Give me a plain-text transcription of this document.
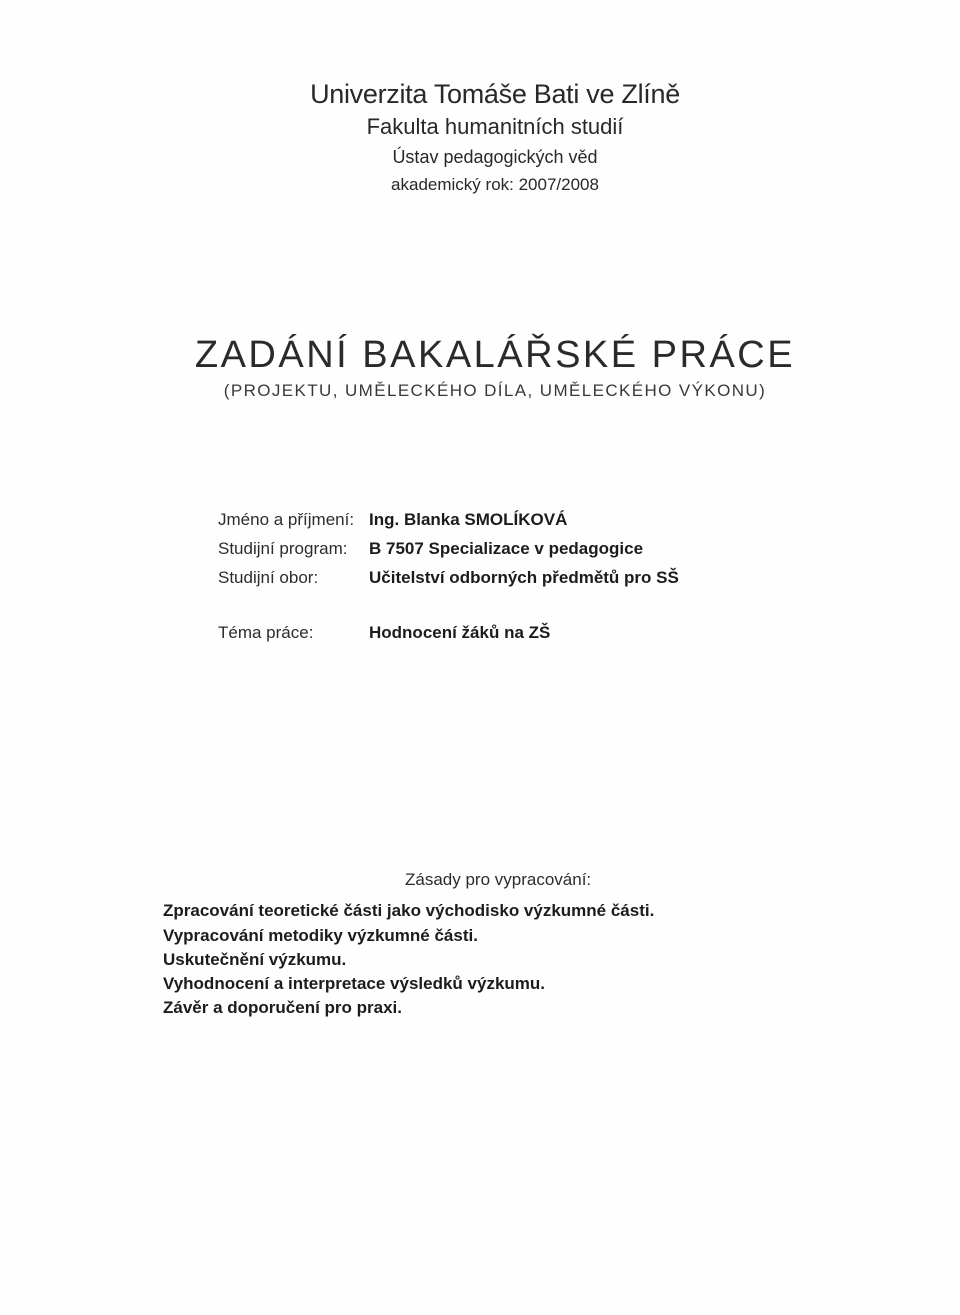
Univerzita Tomáše Bati ve Zlíně
Fakulta humanitních studií
Ústav pedagogických věd
akademický rok: 2007/2008
ZADÁNÍ BAKALÁŘSKÉ PRÁCE
(PROJEKTU, UMĚLECKÉHO DÍLA, UMĚLECKÉHO VÝKONU)
Jméno a příjmení: Ing. Blanka SMOLÍKOVÁ
Studijní program: B 7507 Specializace v pedagogice
Studijní obor:	Učitelství odborných předmětů pro SŠ
Téma práce:	Hodnocení žáků na ZŠ
Zásady pro vypracování:
Zpracování teoretické části jako východisko výzkumné části.
Vypracování metodiky výzkumné části.
Uskutečnění výzkumu.
Vyhodnocení a interpretace výsledků výzkumu.
Závěr a doporučení pro praxi.
